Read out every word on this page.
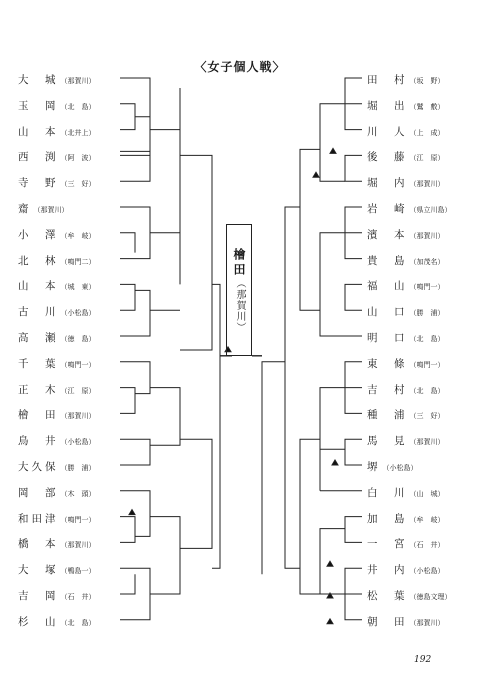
〈女子個人戦〉
大　城 （那賀川）
玉　岡 （北　島）
山　本 （北井上）
西　渕 （阿　波）
寺　野 （三　好）
齋 （那賀川）
小　澤 （牟　岐）
北　林 （鳴門二）
山　本 （城　東）
古　川 （小松島）
高　瀬 （徳　島）
千　葉 （鳴門一）
正　木 （江　原）
檜　田 （那賀川）
鳥　井 （小松島）
大久保 （勝　浦）
岡　部 （木　頭）
和田津 （鳴門一）
橋　本 （那賀川）
大　塚 （鴨島一）
吉　岡 （石　井）
杉　山 （北　島）
田　村 （坂　野）
堀　出 （鷲　敷）
川　人 （上　成）
後　藤 （江　原）
堀　内 （那賀川）
岩　崎 （県立川島）
濱　本 （那賀川）
貴　島 （加茂名）
福　山 （鳴門一）
山　口 （勝　浦）
明　口 （北　島）
東　條 （鳴門一）
吉　村 （北　島）
種　浦 （三　好）
馬　見 （那賀川）
堺 （小松島）
白　川 （山　城）
加　島 （牟　岐）
一　宮 （石　井）
井　内 （小松島）
松　葉 （徳島文理）
朝　田 （那賀川）
檜田（那賀川）
192
